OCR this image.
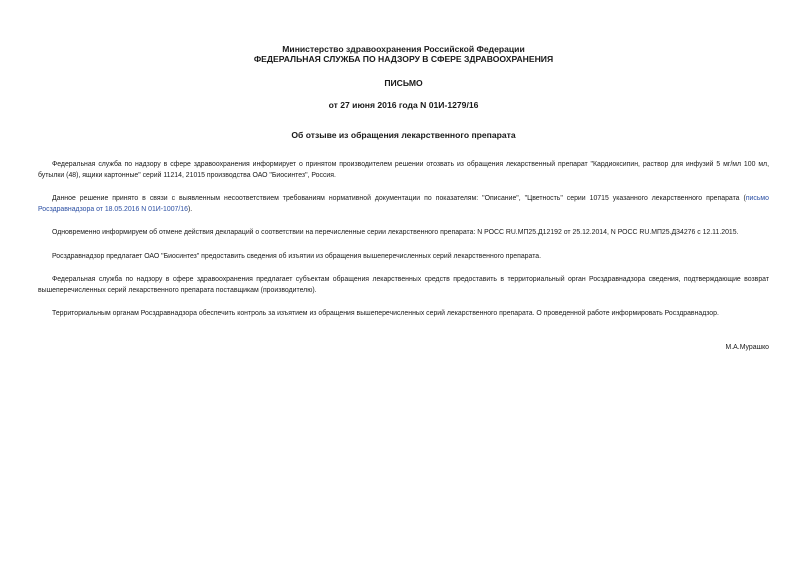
Министерство здравоохранения Российской Федерации
ФЕДЕРАЛЬНАЯ СЛУЖБА ПО НАДЗОРУ В СФЕРЕ ЗДРАВООХРАНЕНИЯ
ПИСЬМО
от 27 июня 2016 года N 01И-1279/16
Об отзыве из обращения лекарственного препарата

Федеральная служба по надзору в сфере здравоохранения информирует о принятом производителем решении отозвать из обращения лекарственный препарат "Кардиоксипин, раствор для инфузий 5 мг/мл 100 мл, бутылки (48), ящики картонные" серий 11214, 21015 производства ОАО "Биосинтез", Россия.

Данное решение принято в связи с выявленным несоответствием требованиям нормативной документации по показателям: "Описание", "Цветность" серии 10715 указанного лекарственного препарата (письмо Росздравнадзора от 18.05.2016 N 01И-1007/16).

Одновременно информируем об отмене действия деклараций о соответствии на перечисленные серии лекарственного препарата: N РОСС RU.МП25.Д12192 от 25.12.2014, N РОСС RU.МП25.Д34276 с 12.11.2015.

Росздравнадзор предлагает ОАО "Биосинтез" предоставить сведения об изъятии из обращения вышеперечисленных серий лекарственного препарата.

Федеральная служба по надзору в сфере здравоохранения предлагает субъектам обращения лекарственных средств предоставить в территориальный орган Росздравнадзора сведения, подтверждающие возврат вышеперечисленных серий лекарственного препарата поставщикам (производителю).

Территориальным органам Росздравнадзора обеспечить контроль за изъятием из обращения вышеперечисленных серий лекарственного препарата. О проведенной работе информировать Росздравнадзор.

М.А.Мурашко
